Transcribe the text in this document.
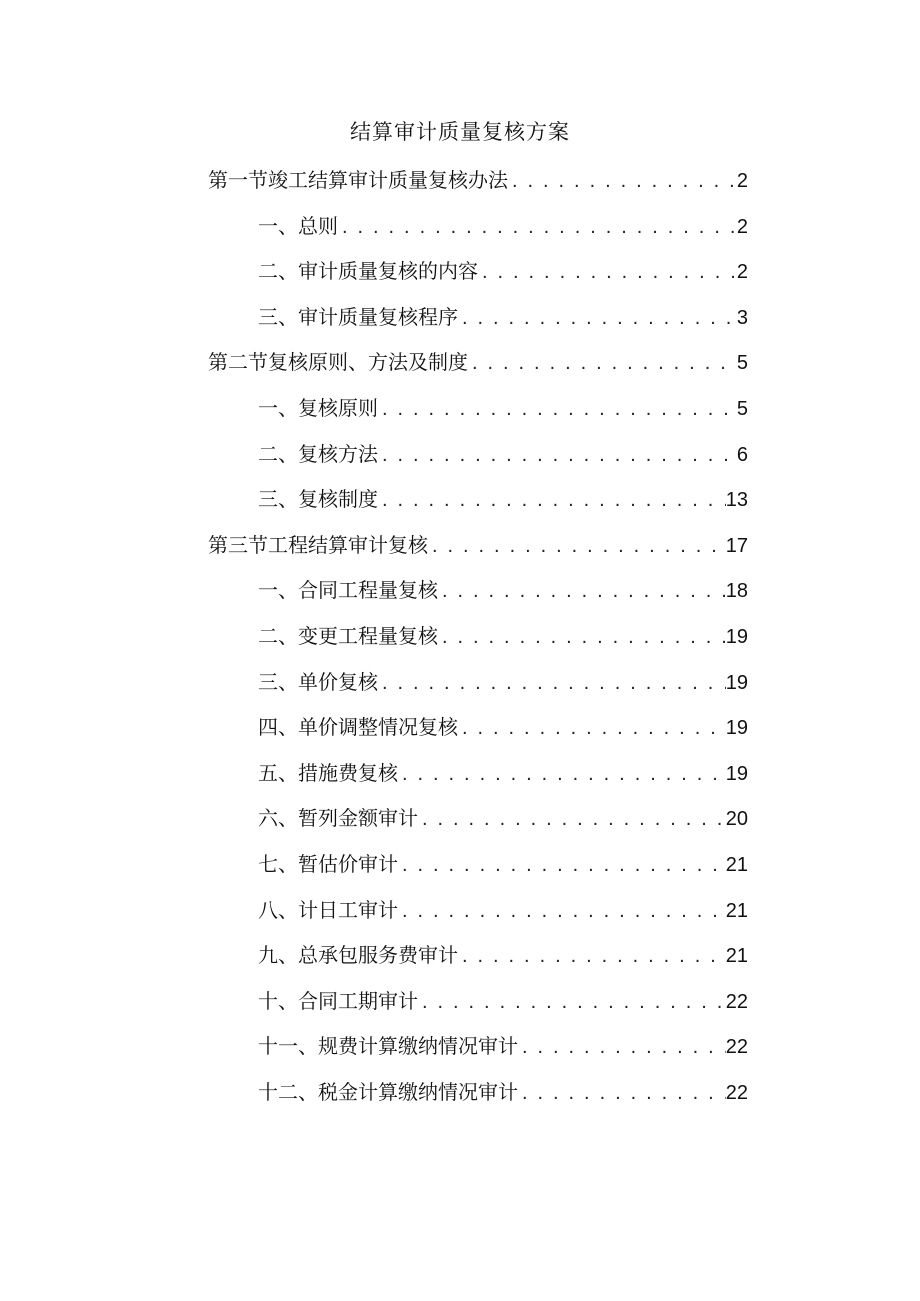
结算审计质量复核方案
第一节竣工结算审计质量复核办法 . . .	2
一、总则 . . .	2
二、审计质量复核的内容 . . .	2
三、审计质量复核程序 . . .	3
第二节复核原则、方法及制度 . . .	5
一、复核原则 . . .	5
二、复核方法 . . .	6
三、复核制度 . . .	13
第三节工程结算审计复核 . . .	17
一、合同工程量复核 . . .	18
二、变更工程量复核 . . .	19
三、单价复核 . . .	19
四、单价调整情况复核 . . .	19
五、措施费复核 . . .	19
六、暂列金额审计 . . .	20
七、暂估价审计 . . .	21
八、计日工审计 . . .	21
九、总承包服务费审计 . . .	21
十、合同工期审计 . . .	22
十一、规费计算缴纳情况审计 . . .	22
十二、税金计算缴纳情况审计 . . .	22
